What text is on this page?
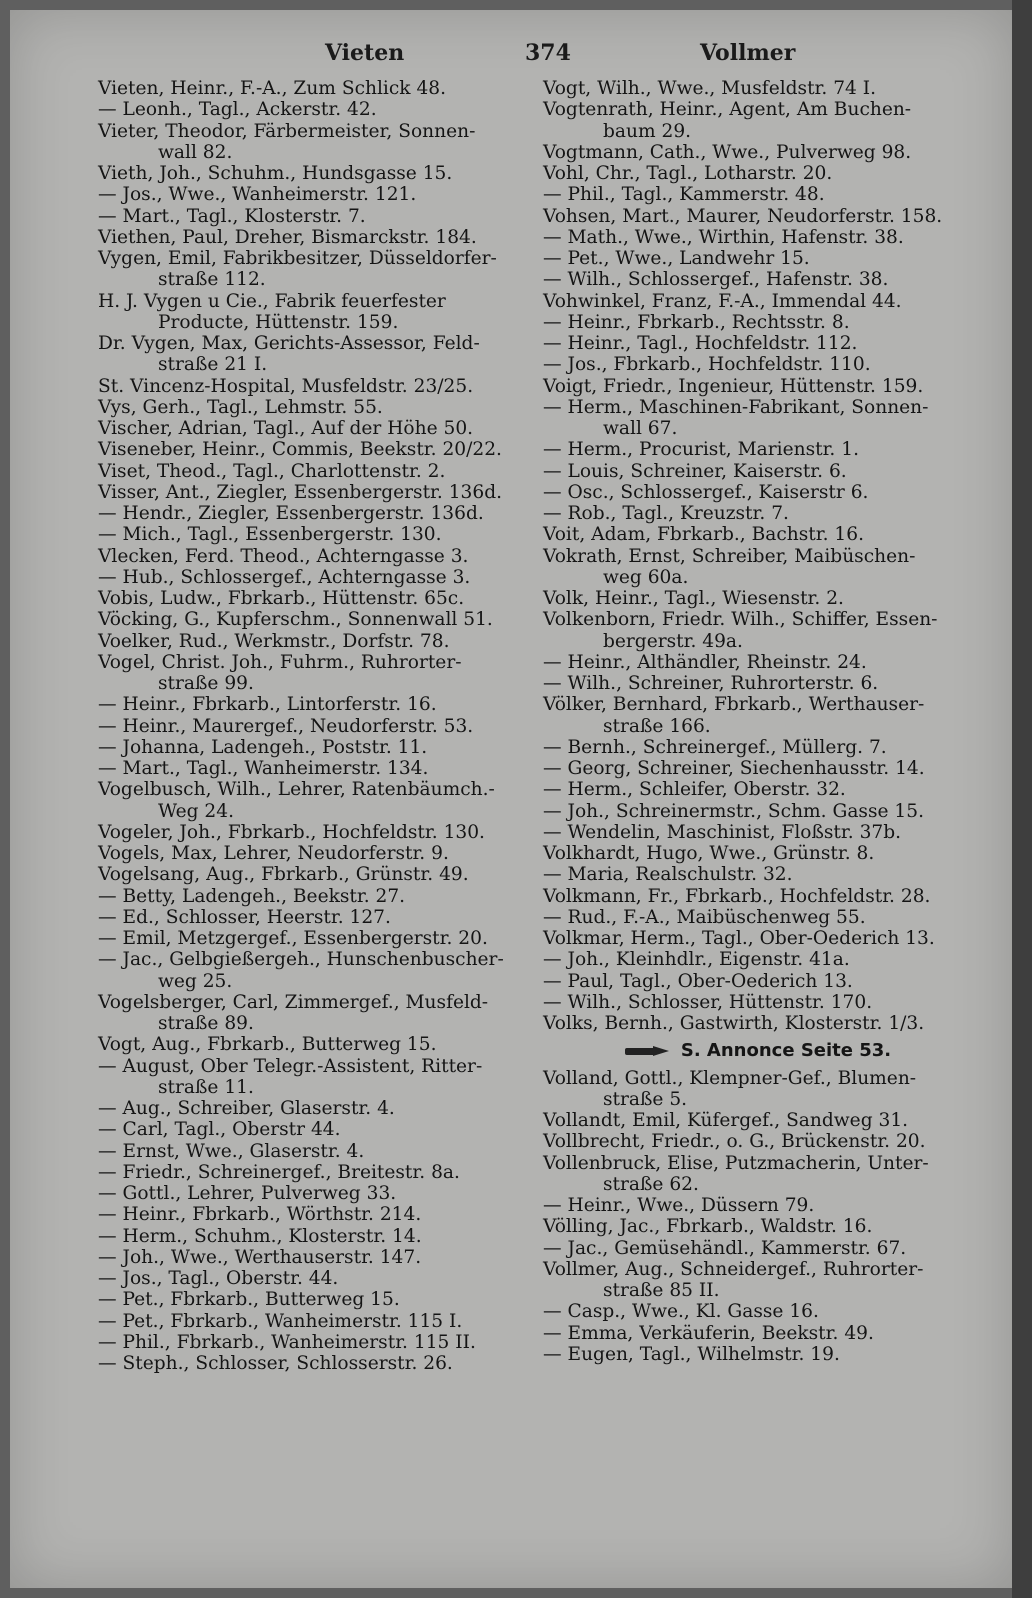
Vieten	374	Vollmer

Vieten, Heinr., F.-A., Zum Schlick 48.

— Leonh., Tagl., Ackerstr. 42.

Vieter, Theodor, Färbermeister, Sonnen-

wall 82.

Vieth, Joh., Schuhm., Hundsgasse 15.

— Jos., Wwe., Wanheimerstr. 121.

— Mart., Tagl., Klosterstr. 7.

Viethen, Paul, Dreher, Bismarckstr. 184.

Vygen, Emil, Fabrikbesitzer, Düsseldorfer-

straße 112.

H. J. Vygen u Cie., Fabrik feuerfester

Producte, Hüttenstr. 159.

Dr. Vygen, Max, Gerichts-Assessor, Feld-

straße 21 I.

St. Vincenz-Hospital, Musfeldstr. 23/25.

Vys, Gerh., Tagl., Lehmstr. 55.

Vischer, Adrian, Tagl., Auf der Höhe 50.

Viseneber, Heinr., Commis, Beekstr. 20/22.

Viset, Theod., Tagl., Charlottenstr. 2.

Visser, Ant., Ziegler, Essenbergerstr. 136d.

— Hendr., Ziegler, Essenbergerstr. 136d.

— Mich., Tagl., Essenbergerstr. 130.

Vlecken, Ferd. Theod., Achterngasse 3.

— Hub., Schlossergef., Achterngasse 3.

Vobis, Ludw., Fbrkarb., Hüttenstr. 65c.

Vöcking, G., Kupferschm., Sonnenwall 51.

Voelker, Rud., Werkmstr., Dorfstr. 78.

Vogel, Christ. Joh., Fuhrm., Ruhrorter-

straße 99.

— Heinr., Fbrkarb., Lintorferstr. 16.

— Heinr., Maurergef., Neudorferstr. 53.

— Johanna, Ladengeh., Poststr. 11.

— Mart., Tagl., Wanheimerstr. 134.

Vogelbusch, Wilh., Lehrer, Ratenbäumch.-

Weg 24.

Vogeler, Joh., Fbrkarb., Hochfeldstr. 130.

Vogels, Max, Lehrer, Neudorferstr. 9.

Vogelsang, Aug., Fbrkarb., Grünstr. 49.

— Betty, Ladengeh., Beekstr. 27.

— Ed., Schlosser, Heerstr. 127.

— Emil, Metzgergef., Essenbergerstr. 20.

— Jac., Gelbgießergeh., Hunschenbuscher-

weg 25.

Vogelsberger, Carl, Zimmergef., Musfeld-

straße 89.

Vogt, Aug., Fbrkarb., Butterweg 15.

— August, Ober Telegr.-Assistent, Ritter-

straße 11.

— Aug., Schreiber, Glaserstr. 4.

— Carl, Tagl., Oberstr 44.

— Ernst, Wwe., Glaserstr. 4.

— Friedr., Schreinergef., Breitestr. 8a.

— Gottl., Lehrer, Pulverweg 33.

— Heinr., Fbrkarb., Wörthstr. 214.

— Herm., Schuhm., Klosterstr. 14.

— Joh., Wwe., Werthauserstr. 147.

— Jos., Tagl., Oberstr. 44.

— Pet., Fbrkarb., Butterweg 15.

— Pet., Fbrkarb., Wanheimerstr. 115 I.

— Phil., Fbrkarb., Wanheimerstr. 115 II.

— Steph., Schlosser, Schlosserstr. 26.

Vogt, Wilh., Wwe., Musfeldstr. 74 I.

Vogtenrath, Heinr., Agent, Am Buchen-

baum 29.

Vogtmann, Cath., Wwe., Pulverweg 98.

Vohl, Chr., Tagl., Lotharstr. 20.

— Phil., Tagl., Kammerstr. 48.

Vohsen, Mart., Maurer, Neudorferstr. 158.

— Math., Wwe., Wirthin, Hafenstr. 38.

— Pet., Wwe., Landwehr 15.

— Wilh., Schlossergef., Hafenstr. 38.

Vohwinkel, Franz, F.-A., Immendal 44.

— Heinr., Fbrkarb., Rechtsstr. 8.

— Heinr., Tagl., Hochfeldstr. 112.

— Jos., Fbrkarb., Hochfeldstr. 110.

Voigt, Friedr., Ingenieur, Hüttenstr. 159.

— Herm., Maschinen-Fabrikant, Sonnen-

wall 67.

— Herm., Procurist, Marienstr. 1.

— Louis, Schreiner, Kaiserstr. 6.

— Osc., Schlossergef., Kaiserstr 6.

— Rob., Tagl., Kreuzstr. 7.

Voit, Adam, Fbrkarb., Bachstr. 16.

Vokrath, Ernst, Schreiber, Maibüschen-

weg 60a.

Volk, Heinr., Tagl., Wiesenstr. 2.

Volkenborn, Friedr. Wilh., Schiffer, Essen-

bergerstr. 49a.

— Heinr., Althändler, Rheinstr. 24.

— Wilh., Schreiner, Ruhrorterstr. 6.

Völker, Bernhard, Fbrkarb., Werthauser-

straße 166.

— Bernh., Schreinergef., Müllerg. 7.

— Georg, Schreiner, Siechenhausstr. 14.

— Herm., Schleifer, Oberstr. 32.

— Joh., Schreinermstr., Schm. Gasse 15.

— Wendelin, Maschinist, Floßstr. 37b.

Volkhardt, Hugo, Wwe., Grünstr. 8.

— Maria, Realschulstr. 32.

Volkmann, Fr., Fbrkarb., Hochfeldstr. 28.

— Rud., F.-A., Maibüschenweg 55.

Volkmar, Herm., Tagl., Ober-Oederich 13.

— Joh., Kleinhdlr., Eigenstr. 41a.

— Paul, Tagl., Ober-Oederich 13.

— Wilh., Schlosser, Hüttenstr. 170.

Volks, Bernh., Gastwirth, Klosterstr. 1/3.

S. Annonce Seite 53.

Volland, Gottl., Klempner-Gef., Blumen-

straße 5.

Vollandt, Emil, Küfergef., Sandweg 31.

Vollbrecht, Friedr., o. G., Brückenstr. 20.

Vollenbruck, Elise, Putzmacherin, Unter-

straße 62.

— Heinr., Wwe., Düssern 79.

Völling, Jac., Fbrkarb., Waldstr. 16.

— Jac., Gemüsehändl., Kammerstr. 67.

Vollmer, Aug., Schneidergef., Ruhrorter-

straße 85 II.

— Casp., Wwe., Kl. Gasse 16.

— Emma, Verkäuferin, Beekstr. 49.

— Eugen, Tagl., Wilhelmstr. 19.
